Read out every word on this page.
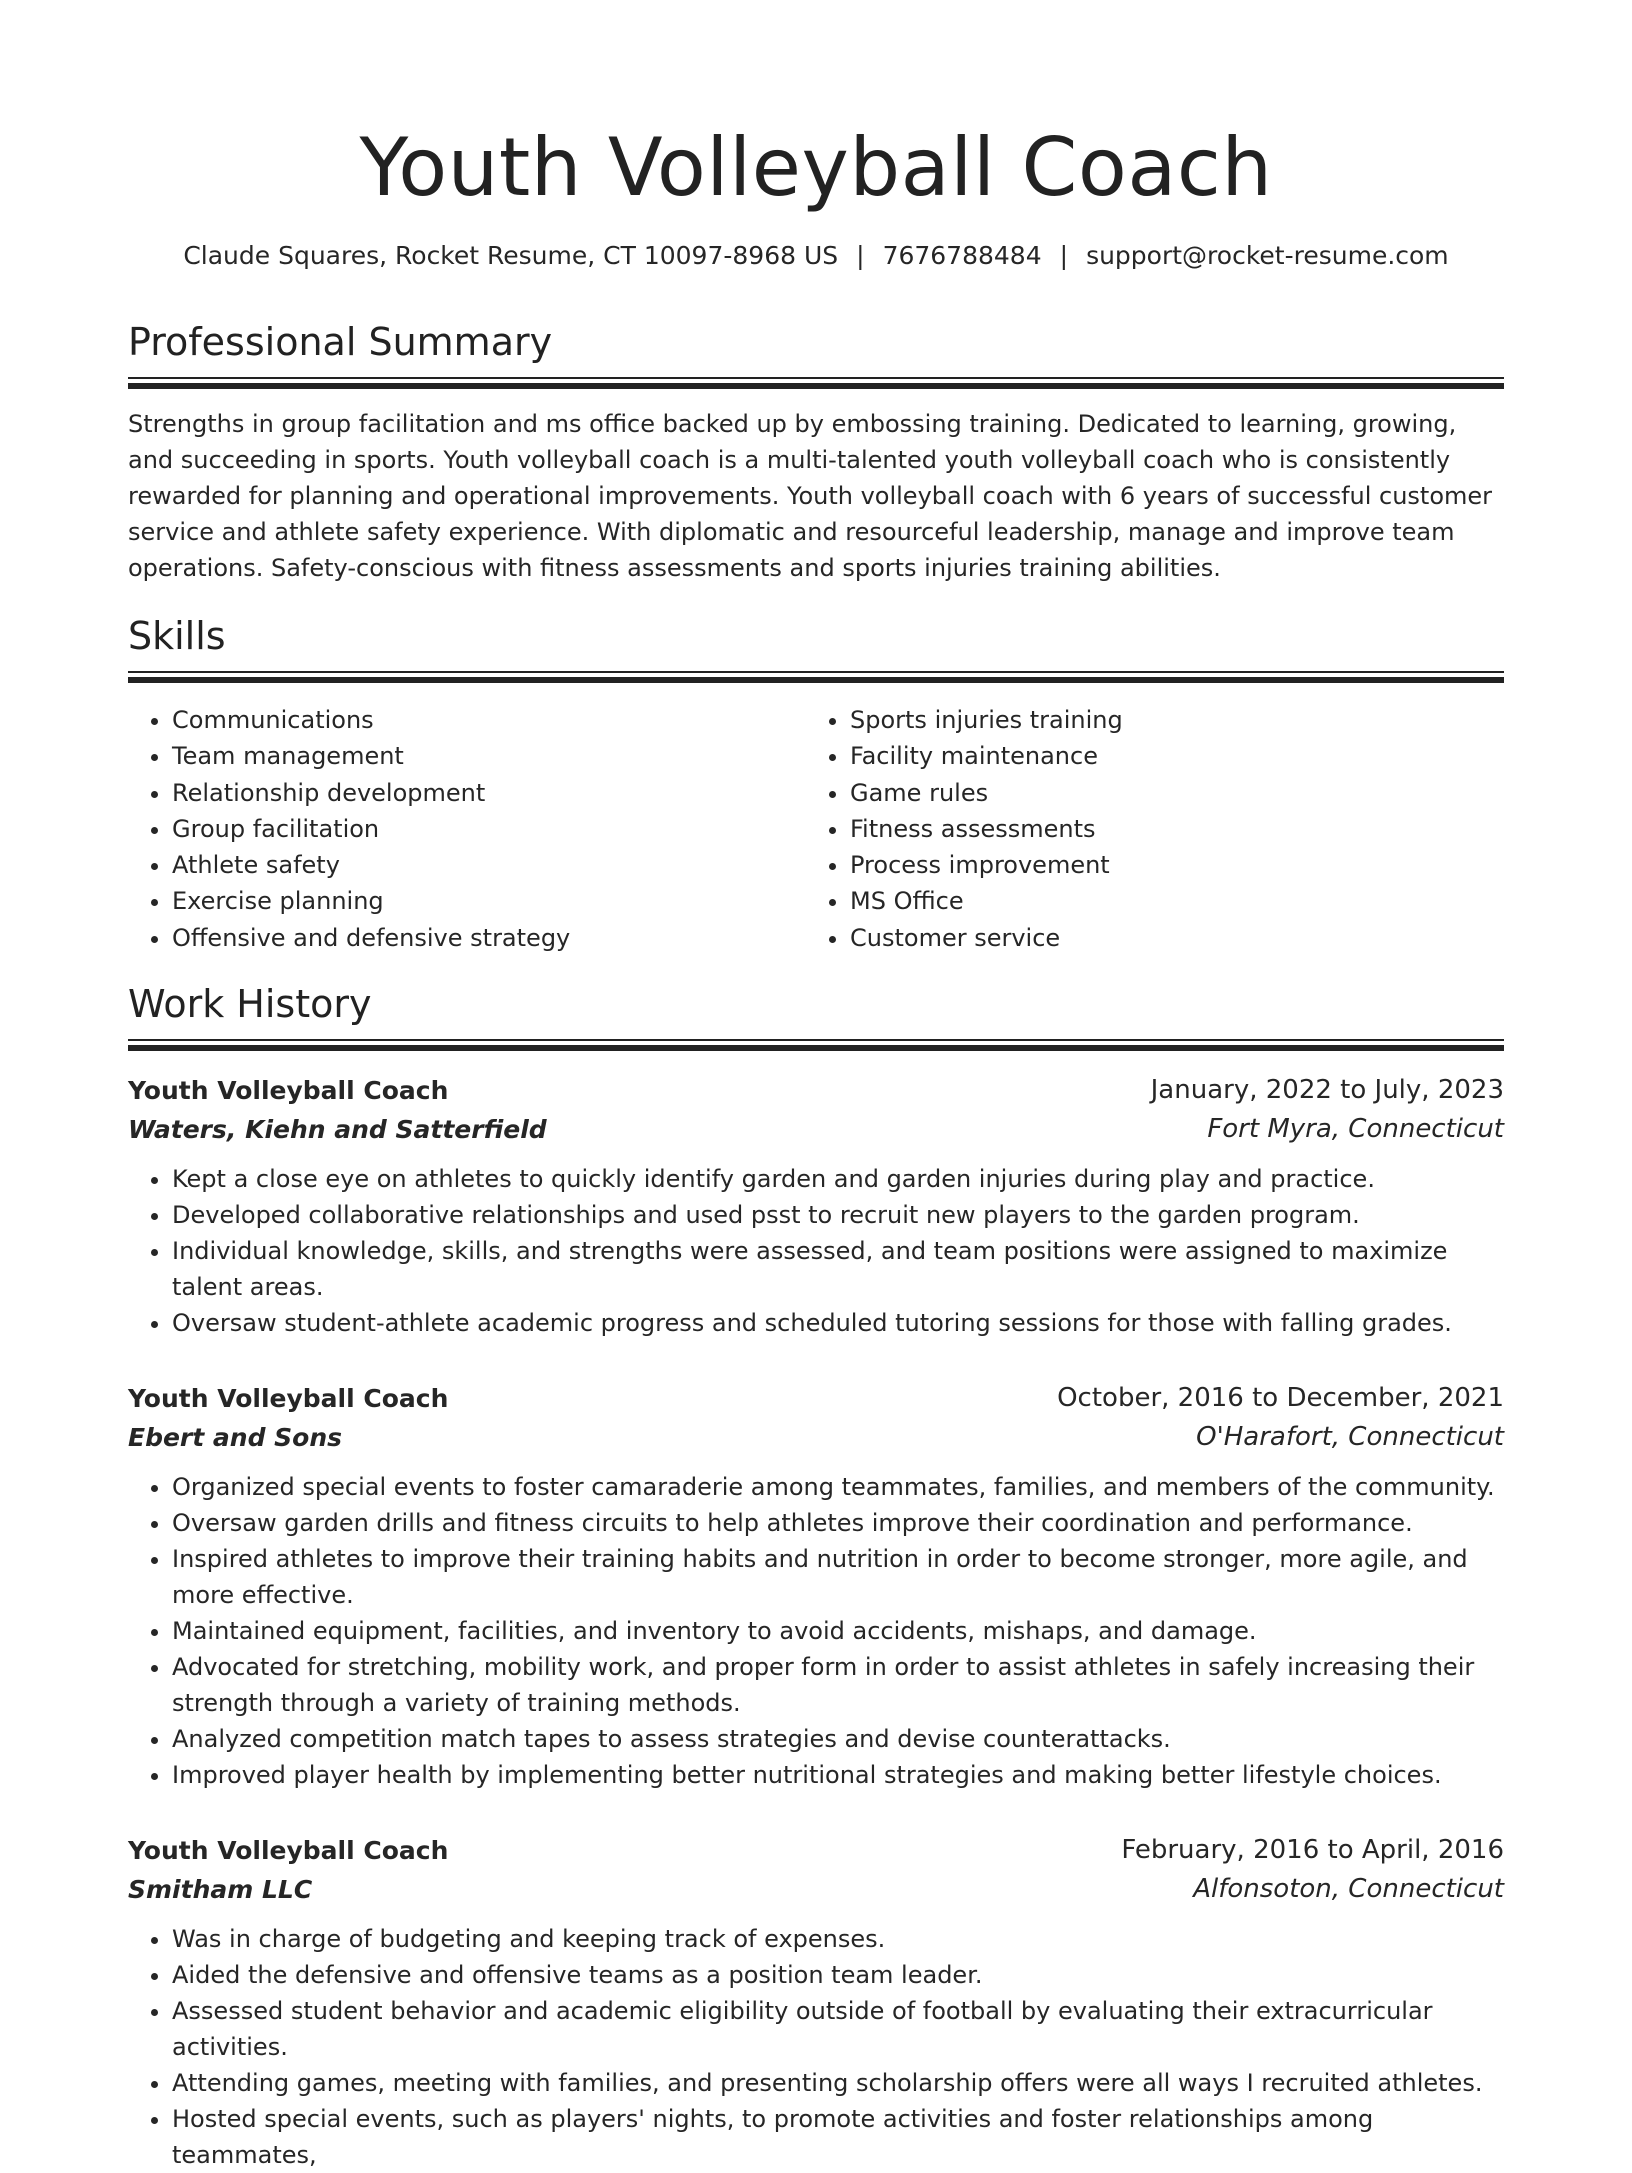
Youth Volleyball Coach
Claude Squares, Rocket Resume, CT 10097-8968 US | 7676788484 | support@rocket-resume.com
Professional Summary

Strengths in group facilitation and ms office backed up by embossing training. Dedicated to learning, growing, and succeeding in sports. Youth volleyball coach is a multi-talented youth volleyball coach who is consistently rewarded for planning and operational improvements. Youth volleyball coach with 6 years of successful customer service and athlete safety experience. With diplomatic and resourceful leadership, manage and improve team operations. Safety-conscious with fitness assessments and sports injuries training abilities.

Skills
• Communications
• Team management
• Relationship development
• Group facilitation
• Athlete safety
• Exercise planning
• Offensive and defensive strategy
• Sports injuries training
• Facility maintenance
• Game rules
• Fitness assessments
• Process improvement
• MS Office
• Customer service
Work History
Youth Volleyball Coach	January, 2022 to July, 2023
Waters, Kiehn and Satterfield	Fort Myra, Connecticut
• Kept a close eye on athletes to quickly identify garden and garden injuries during play and practice.
• Developed collaborative relationships and used psst to recruit new players to the garden program.
• Individual knowledge, skills, and strengths were assessed, and team positions were assigned to maximize talent areas.
• Oversaw student-athlete academic progress and scheduled tutoring sessions for those with falling grades.
Youth Volleyball Coach	October, 2016 to December, 2021
Ebert and Sons	O'Harafort, Connecticut
• Organized special events to foster camaraderie among teammates, families, and members of the community.
• Oversaw garden drills and fitness circuits to help athletes improve their coordination and performance.
• Inspired athletes to improve their training habits and nutrition in order to become stronger, more agile, and more effective.
• Maintained equipment, facilities, and inventory to avoid accidents, mishaps, and damage.
• Advocated for stretching, mobility work, and proper form in order to assist athletes in safely increasing their strength through a variety of training methods.
• Analyzed competition match tapes to assess strategies and devise counterattacks.
• Improved player health by implementing better nutritional strategies and making better lifestyle choices.
Youth Volleyball Coach	February, 2016 to April, 2016
Smitham LLC	Alfonsoton, Connecticut
• Was in charge of budgeting and keeping track of expenses.
• Aided the defensive and offensive teams as a position team leader.
• Assessed student behavior and academic eligibility outside of football by evaluating their extracurricular activities.
• Attending games, meeting with families, and presenting scholarship offers were all ways I recruited athletes.
• Hosted special events, such as players' nights, to promote activities and foster relationships among teammates,
